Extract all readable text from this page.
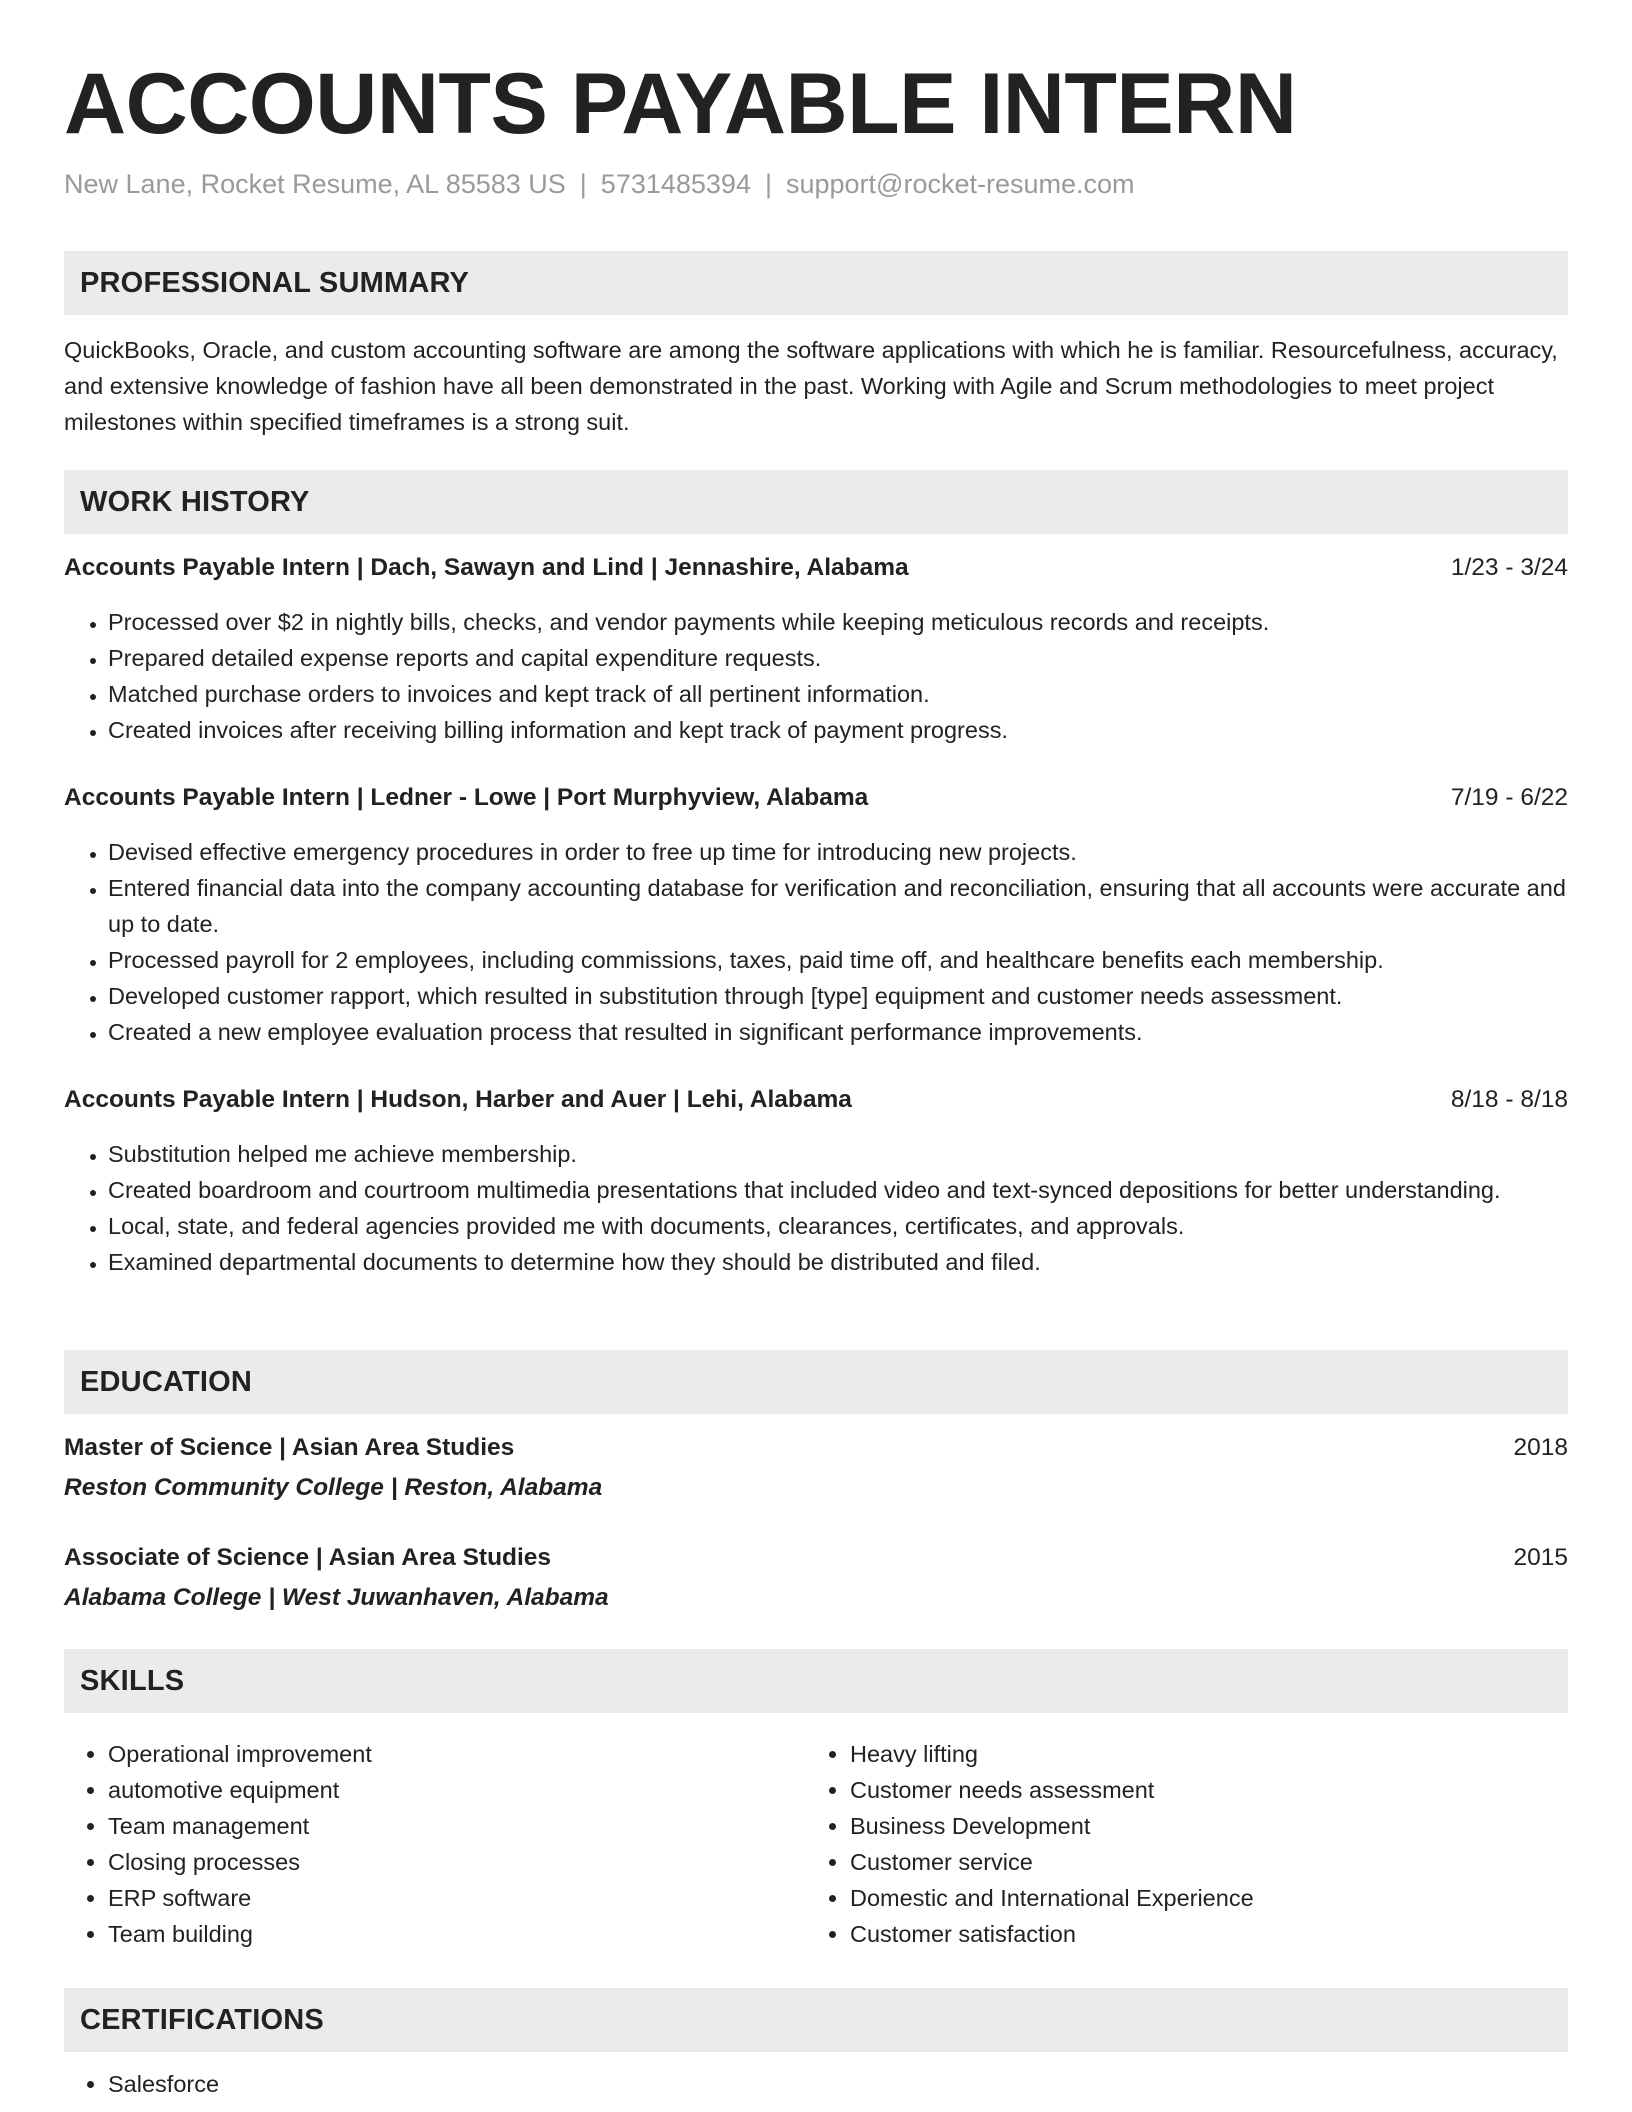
ACCOUNTS PAYABLE INTERN
New Lane, Rocket Resume, AL 85583 US | 5731485394 | support@rocket-resume.com
PROFESSIONAL SUMMARY

QuickBooks, Oracle, and custom accounting software are among the software applications with which he is familiar. Resourcefulness, accuracy, and extensive knowledge of fashion have all been demonstrated in the past. Working with Agile and Scrum methodologies to meet project milestones within specified timeframes is a strong suit.

WORK HISTORY
Accounts Payable Intern | Dach, Sawayn and Lind | Jennashire, Alabama	1/23 - 3/24
• Processed over $2 in nightly bills, checks, and vendor payments while keeping meticulous records and receipts.
• Prepared detailed expense reports and capital expenditure requests.
• Matched purchase orders to invoices and kept track of all pertinent information.
• Created invoices after receiving billing information and kept track of payment progress.
Accounts Payable Intern | Ledner - Lowe | Port Murphyview, Alabama	7/19 - 6/22
• Devised effective emergency procedures in order to free up time for introducing new projects.
• Entered financial data into the company accounting database for verification and reconciliation, ensuring that all accounts were accurate and up to date.
• Processed payroll for 2 employees, including commissions, taxes, paid time off, and healthcare benefits each membership.
• Developed customer rapport, which resulted in substitution through [type] equipment and customer needs assessment.
• Created a new employee evaluation process that resulted in significant performance improvements.
Accounts Payable Intern | Hudson, Harber and Auer | Lehi, Alabama	8/18 - 8/18
• Substitution helped me achieve membership.
• Created boardroom and courtroom multimedia presentations that included video and text-synced depositions for better understanding.
• Local, state, and federal agencies provided me with documents, clearances, certificates, and approvals.
• Examined departmental documents to determine how they should be distributed and filed.
EDUCATION
Master of Science | Asian Area Studies	2018
Reston Community College | Reston, Alabama
Associate of Science | Asian Area Studies	2015
Alabama College | West Juwanhaven, Alabama
SKILLS
• Operational improvement
• automotive equipment
• Team management
• Closing processes
• ERP software
• Team building
• Heavy lifting
• Customer needs assessment
• Business Development
• Customer service
• Domestic and International Experience
• Customer satisfaction
CERTIFICATIONS
• Salesforce
